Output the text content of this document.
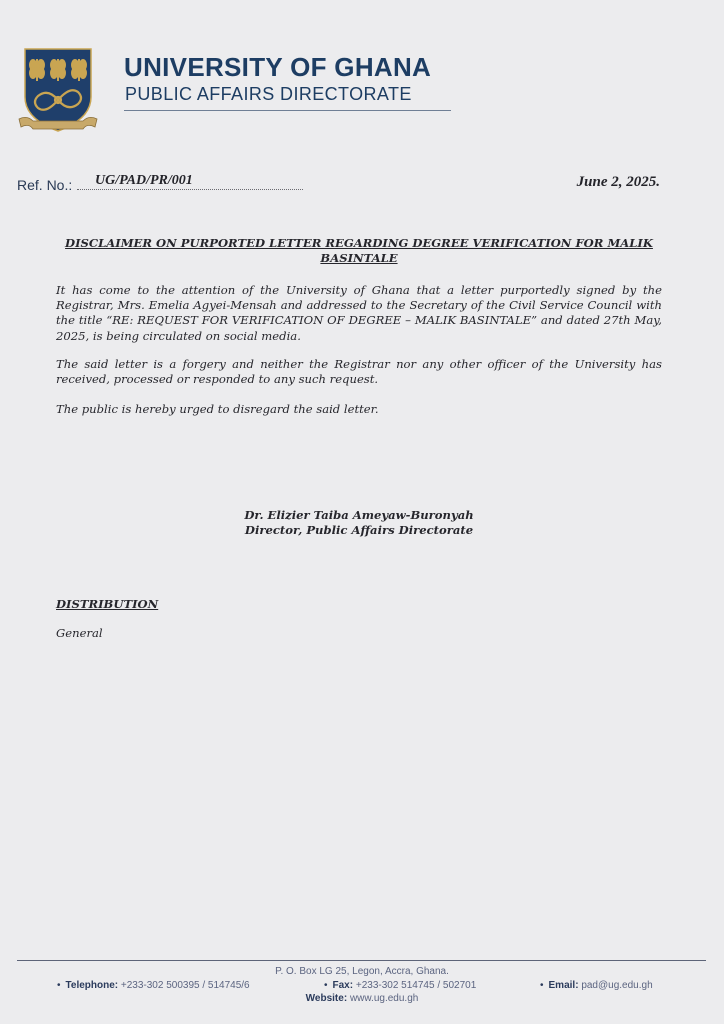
UNIVERSITY OF GHANA
PUBLIC AFFAIRS DIRECTORATE
Ref. No.: UG/PAD/PR/001	June 2, 2025.
DISCLAIMER ON PURPORTED LETTER REGARDING DEGREE VERIFICATION FOR MALIK BASINTALE
It has come to the attention of the University of Ghana that a letter purportedly signed by the Registrar, Mrs. Emelia Agyei-Mensah and addressed to the Secretary of the Civil Service Council with the title “RE: REQUEST FOR VERIFICATION OF DEGREE – MALIK BASINTALE” and dated 27th May, 2025, is being circulated on social media.
The said letter is a forgery and neither the Registrar nor any other officer of the University has received, processed or responded to any such request.
The public is hereby urged to disregard the said letter.
Dr. Elizier Taiba Ameyaw-Buronyah
Director, Public Affairs Directorate
DISTRIBUTION
General
P. O. Box LG 25, Legon, Accra, Ghana.
• Telephone: +233-302 500395 / 514745/6	• Fax: +233-302 514745 / 502701	• Email: pad@ug.edu.gh
Website: www.ug.edu.gh
